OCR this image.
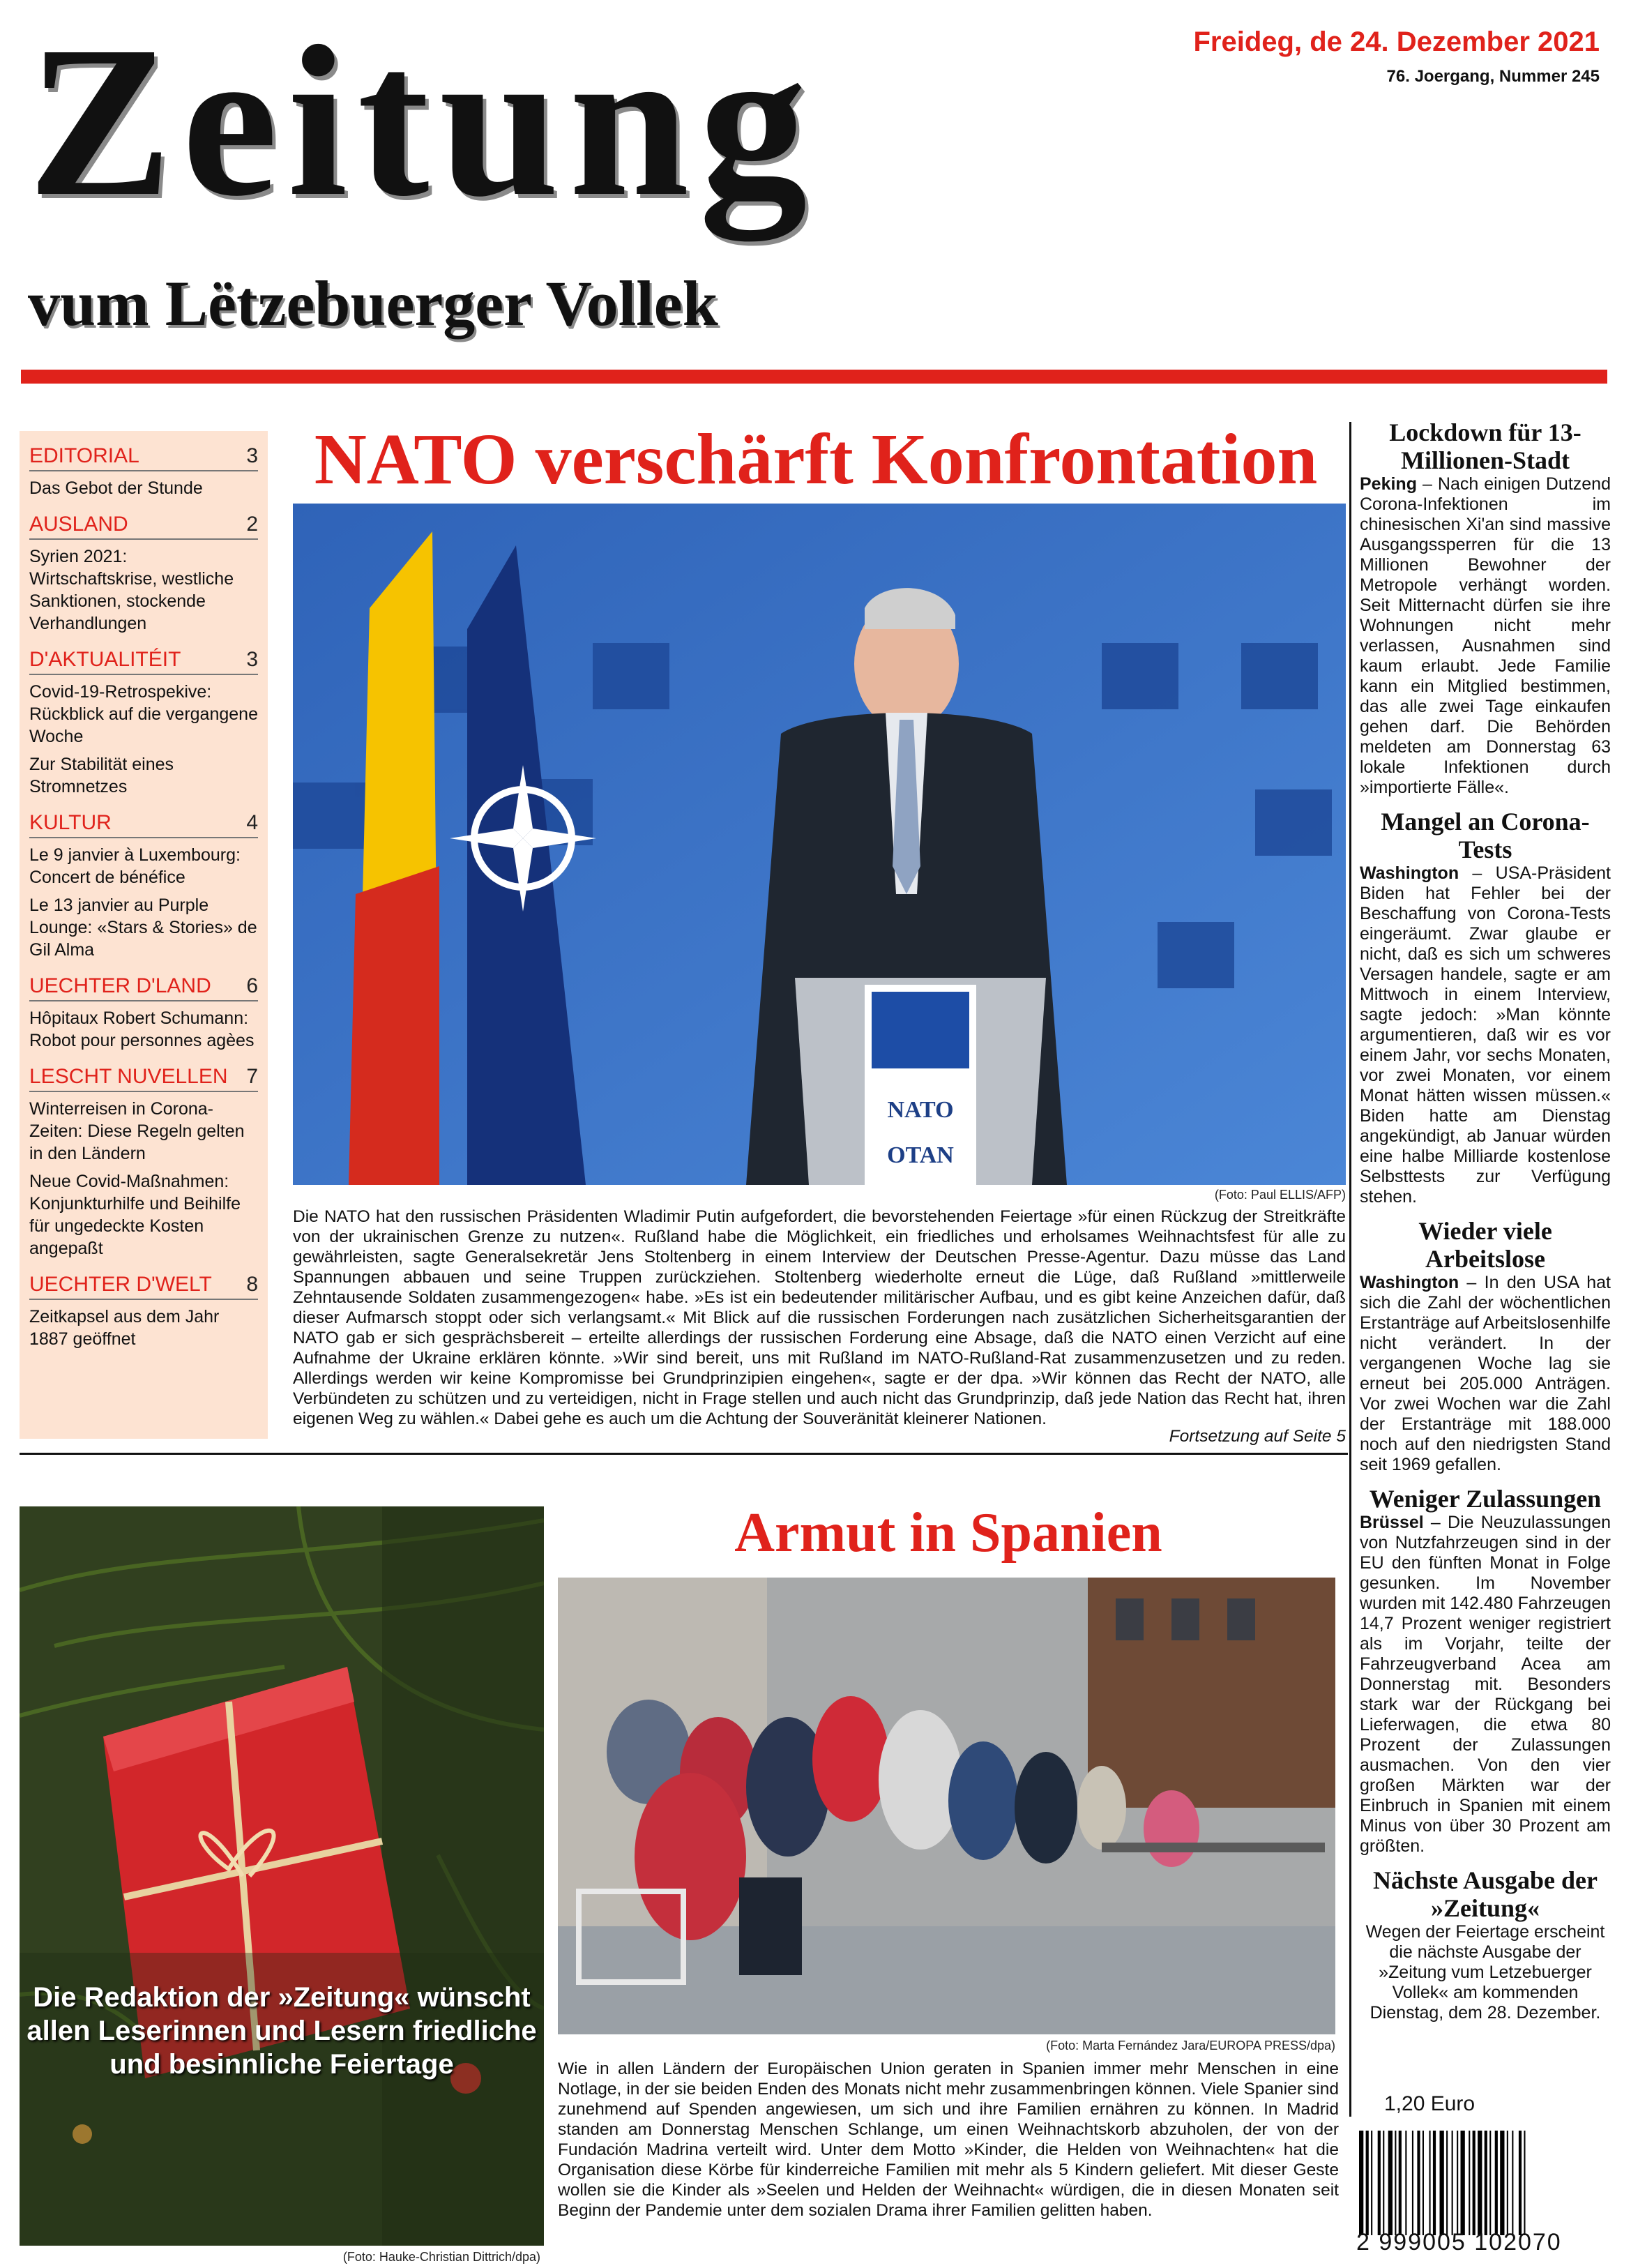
Zeitung
vum Lëtzebuerger Vollek
Freideg, de 24. Dezember 2021
76. Joergang, Nummer 245
EDITORIAL	3
Das Gebot der Stunde
AUSLAND	2
Syrien 2021: Wirtschaftskrise, westliche Sanktionen, stockende Verhandlungen
D'AKTUALITÉIT	3
Covid-19-Retrospekive: Rückblick auf die vergangene Woche
Zur Stabilität eines Stromnetzes
KULTUR	4
Le 9 janvier à Luxembourg: Concert de bénéfice
Le 13 janvier au Purple Lounge: «Stars & Stories» de Gil Alma
UECHTER D'LAND 6
Hôpitaux Robert Schumann: Robot pour personnes agèes
LESCHT NUVELLEN 7
Winterreisen in Corona-Zeiten: Diese Regeln gelten in den Ländern
Neue Covid-Maßnahmen: Konjunkturhilfe und Beihilfe für ungedeckte Kosten angepaßt
UECHTER D'WELT 8
Zeitkapsel aus dem Jahr 1887 geöffnet
NATO verschärft Konfrontation
NATO
OTAN
(Foto: Paul ELLIS/AFP)
Die NATO hat den russischen Präsidenten Wladimir Putin aufgefordert, die bevorstehenden Feiertage »für einen Rückzug der Streitkräfte von der ukrainischen Grenze zu nutzen«. Rußland habe die Möglichkeit, ein friedliches und erholsames Weihnachtsfest für alle zu gewährleisten, sagte Generalsekretär Jens Stoltenberg in einem Interview der Deutschen Presse-Agentur. Dazu müsse das Land Spannungen abbauen und seine Truppen zurückziehen. Stoltenberg wiederholte erneut die Lüge, daß Rußland »mittlerweile Zehntausende Soldaten zusammengezogen« habe. »Es ist ein bedeutender militärischer Aufbau, und es gibt keine Anzeichen dafür, daß dieser Aufmarsch stoppt oder sich verlangsamt.« Mit Blick auf die russischen Forderungen nach zusätzlichen Sicherheitsgarantien der NATO gab er sich gesprächsbereit – erteilte allerdings der russischen Forderung eine Absage, daß die NATO einen Verzicht auf eine Aufnahme der Ukraine erklären könnte. »Wir sind bereit, uns mit Rußland im NATO-Rußland-Rat zusammenzusetzen und zu reden. Allerdings werden wir keine Kompromisse bei Grundprinzipien eingehen«, sagte er der dpa. »Wir können das Recht der NATO, alle Verbündeten zu schützen und zu verteidigen, nicht in Frage stellen und auch nicht das Grundprinzip, daß jede Nation das Recht hat, ihren eigenen Weg zu wählen.« Dabei gehe es auch um die Achtung der Souveränität kleinerer Nationen.
Fortsetzung auf Seite 5
Lockdown für 13-Millionen-Stadt
Peking – Nach einigen Dutzend Corona-Infektionen im chinesischen Xi'an sind massive Ausgangssperren für die 13 Millionen Bewohner der Metropole verhängt worden. Seit Mitternacht dürfen sie ihre Wohnungen nicht mehr verlassen, Ausnahmen sind kaum erlaubt. Jede Familie kann ein Mitglied bestimmen, das alle zwei Tage einkaufen gehen darf. Die Behörden meldeten am Donnerstag 63 lokale Infektionen durch »importierte Fälle«.
Mangel an Corona-Tests
Washington – USA-Präsident Biden hat Fehler bei der Beschaffung von Corona-Tests eingeräumt. Zwar glaube er nicht, daß es sich um schweres Versagen handele, sagte er am Mittwoch in einem Interview, sagte jedoch: »Man könnte argumentieren, daß wir es vor einem Jahr, vor sechs Monaten, vor zwei Monaten, vor einem Monat hätten wissen müssen.« Biden hatte am Dienstag angekündigt, ab Januar würden eine halbe Milliarde kostenlose Selbsttests zur Verfügung stehen.
Wieder viele Arbeitslose
Washington – In den USA hat sich die Zahl der wöchentlichen Erstanträge auf Arbeitslosenhilfe nicht verändert. In der vergangenen Woche lag sie erneut bei 205.000 Anträgen. Vor zwei Wochen war die Zahl der Erstanträge mit 188.000 noch auf den niedrigsten Stand seit 1969 gefallen.
Weniger Zulassungen
Brüssel – Die Neuzulassungen von Nutzfahrzeugen sind in der EU den fünften Monat in Folge gesunken. Im November wurden mit 142.480 Fahrzeugen 14,7 Prozent weniger registriert als im Vorjahr, teilte der Fahrzeugverband Acea am Donnerstag mit. Besonders stark war der Rückgang bei Lieferwagen, die etwa 80 Prozent der Zulassungen ausmachen. Von den vier großen Märkten war der Einbruch in Spanien mit einem Minus von über 30 Prozent am größten.
Nächste Ausgabe der »Zeitung«
Wegen der Feiertage erscheint die nächste Ausgabe der »Zeitung vum Letzebuerger Vollek« am kommenden Dienstag, dem 28. Dezember.
Die Redaktion der »Zeitung« wünscht allen Leserinnen und Lesern friedliche und besinnliche Feiertage
(Foto: Hauke-Christian Dittrich/dpa)
Armut in Spanien
(Foto: Marta Fernández Jara/EUROPA PRESS/dpa)
Wie in allen Ländern der Europäischen Union geraten in Spanien immer mehr Menschen in eine Notlage, in der sie beiden Enden des Monats nicht mehr zusammenbringen können. Viele Spanier sind zunehmend auf Spenden angewiesen, um sich und ihre Familien ernähren zu können. In Madrid standen am Donnerstag Menschen Schlange, um einen Weihnachtskorb abzuholen, der von der Fundación Madrina verteilt wird. Unter dem Motto »Kinder, die Helden von Weihnachten« hat die Organisation diese Körbe für kinderreiche Familien mit mehr als 5 Kindern geliefert. Mit dieser Geste wollen sie die Kinder als »Seelen und Helden der Weihnacht« würdigen, die in diesen Monaten seit Beginn der Pandemie unter dem sozialen Drama ihrer Familien gelitten haben.
1,20 Euro
2 999005 102070
